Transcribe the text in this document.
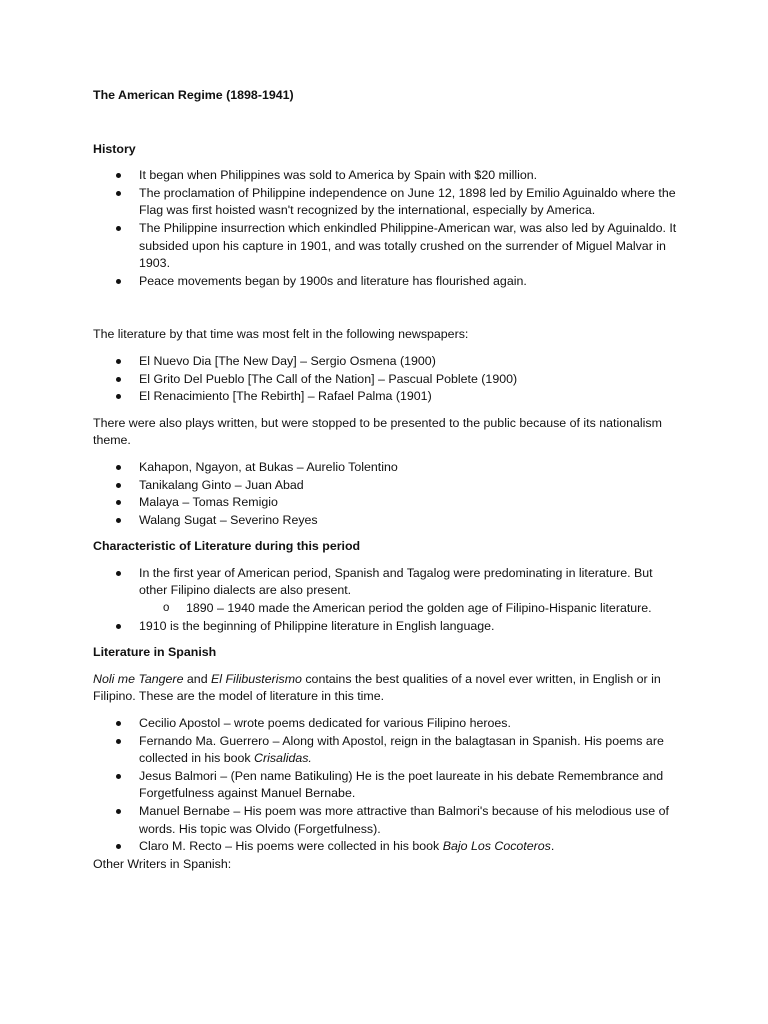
The American Regime (1898-1941)

History

It began when Philippines was sold to America by Spain with $20 million.
The proclamation of Philippine independence on June 12, 1898 led by Emilio Aguinaldo where the Flag was first hoisted wasn't recognized by the international, especially by America.
The Philippine insurrection which enkindled Philippine-American war, was also led by Aguinaldo. It subsided upon his capture in 1901, and was totally crushed on the surrender of Miguel Malvar in 1903.
Peace movements began by 1900s and literature has flourished again.

The literature by that time was most felt in the following newspapers:

El Nuevo Dia [The New Day] – Sergio Osmena (1900)
El Grito Del Pueblo [The Call of the Nation] – Pascual Poblete (1900)
El Renacimiento [The Rebirth] – Rafael Palma (1901)

There were also plays written, but were stopped to be presented to the public because of its nationalism theme.

Kahapon, Ngayon, at Bukas – Aurelio Tolentino
Tanikalang Ginto – Juan Abad
Malaya – Tomas Remigio
Walang Sugat – Severino Reyes

Characteristic of Literature during this period

In the first year of American period, Spanish and Tagalog were predominating in literature. But other Filipino dialects are also present.
o 1890 – 1940 made the American period the golden age of Filipino-Hispanic literature.
1910 is the beginning of Philippine literature in English language.

Literature in Spanish

Noli me Tangere and El Filibusterismo contains the best qualities of a novel ever written, in English or in Filipino. These are the model of literature in this time.

Cecilio Apostol – wrote poems dedicated for various Filipino heroes.
Fernando Ma. Guerrero – Along with Apostol, reign in the balagtasan in Spanish. His poems are collected in his book Crisalidas.
Jesus Balmori – (Pen name Batikuling) He is the poet laureate in his debate Remembrance and Forgetfulness against Manuel Bernabe.
Manuel Bernabe – His poem was more attractive than Balmori's because of his melodious use of words. His topic was Olvido (Forgetfulness).
Claro M. Recto – His poems were collected in his book Bajo Los Cocoteros.

Other Writers in Spanish:
